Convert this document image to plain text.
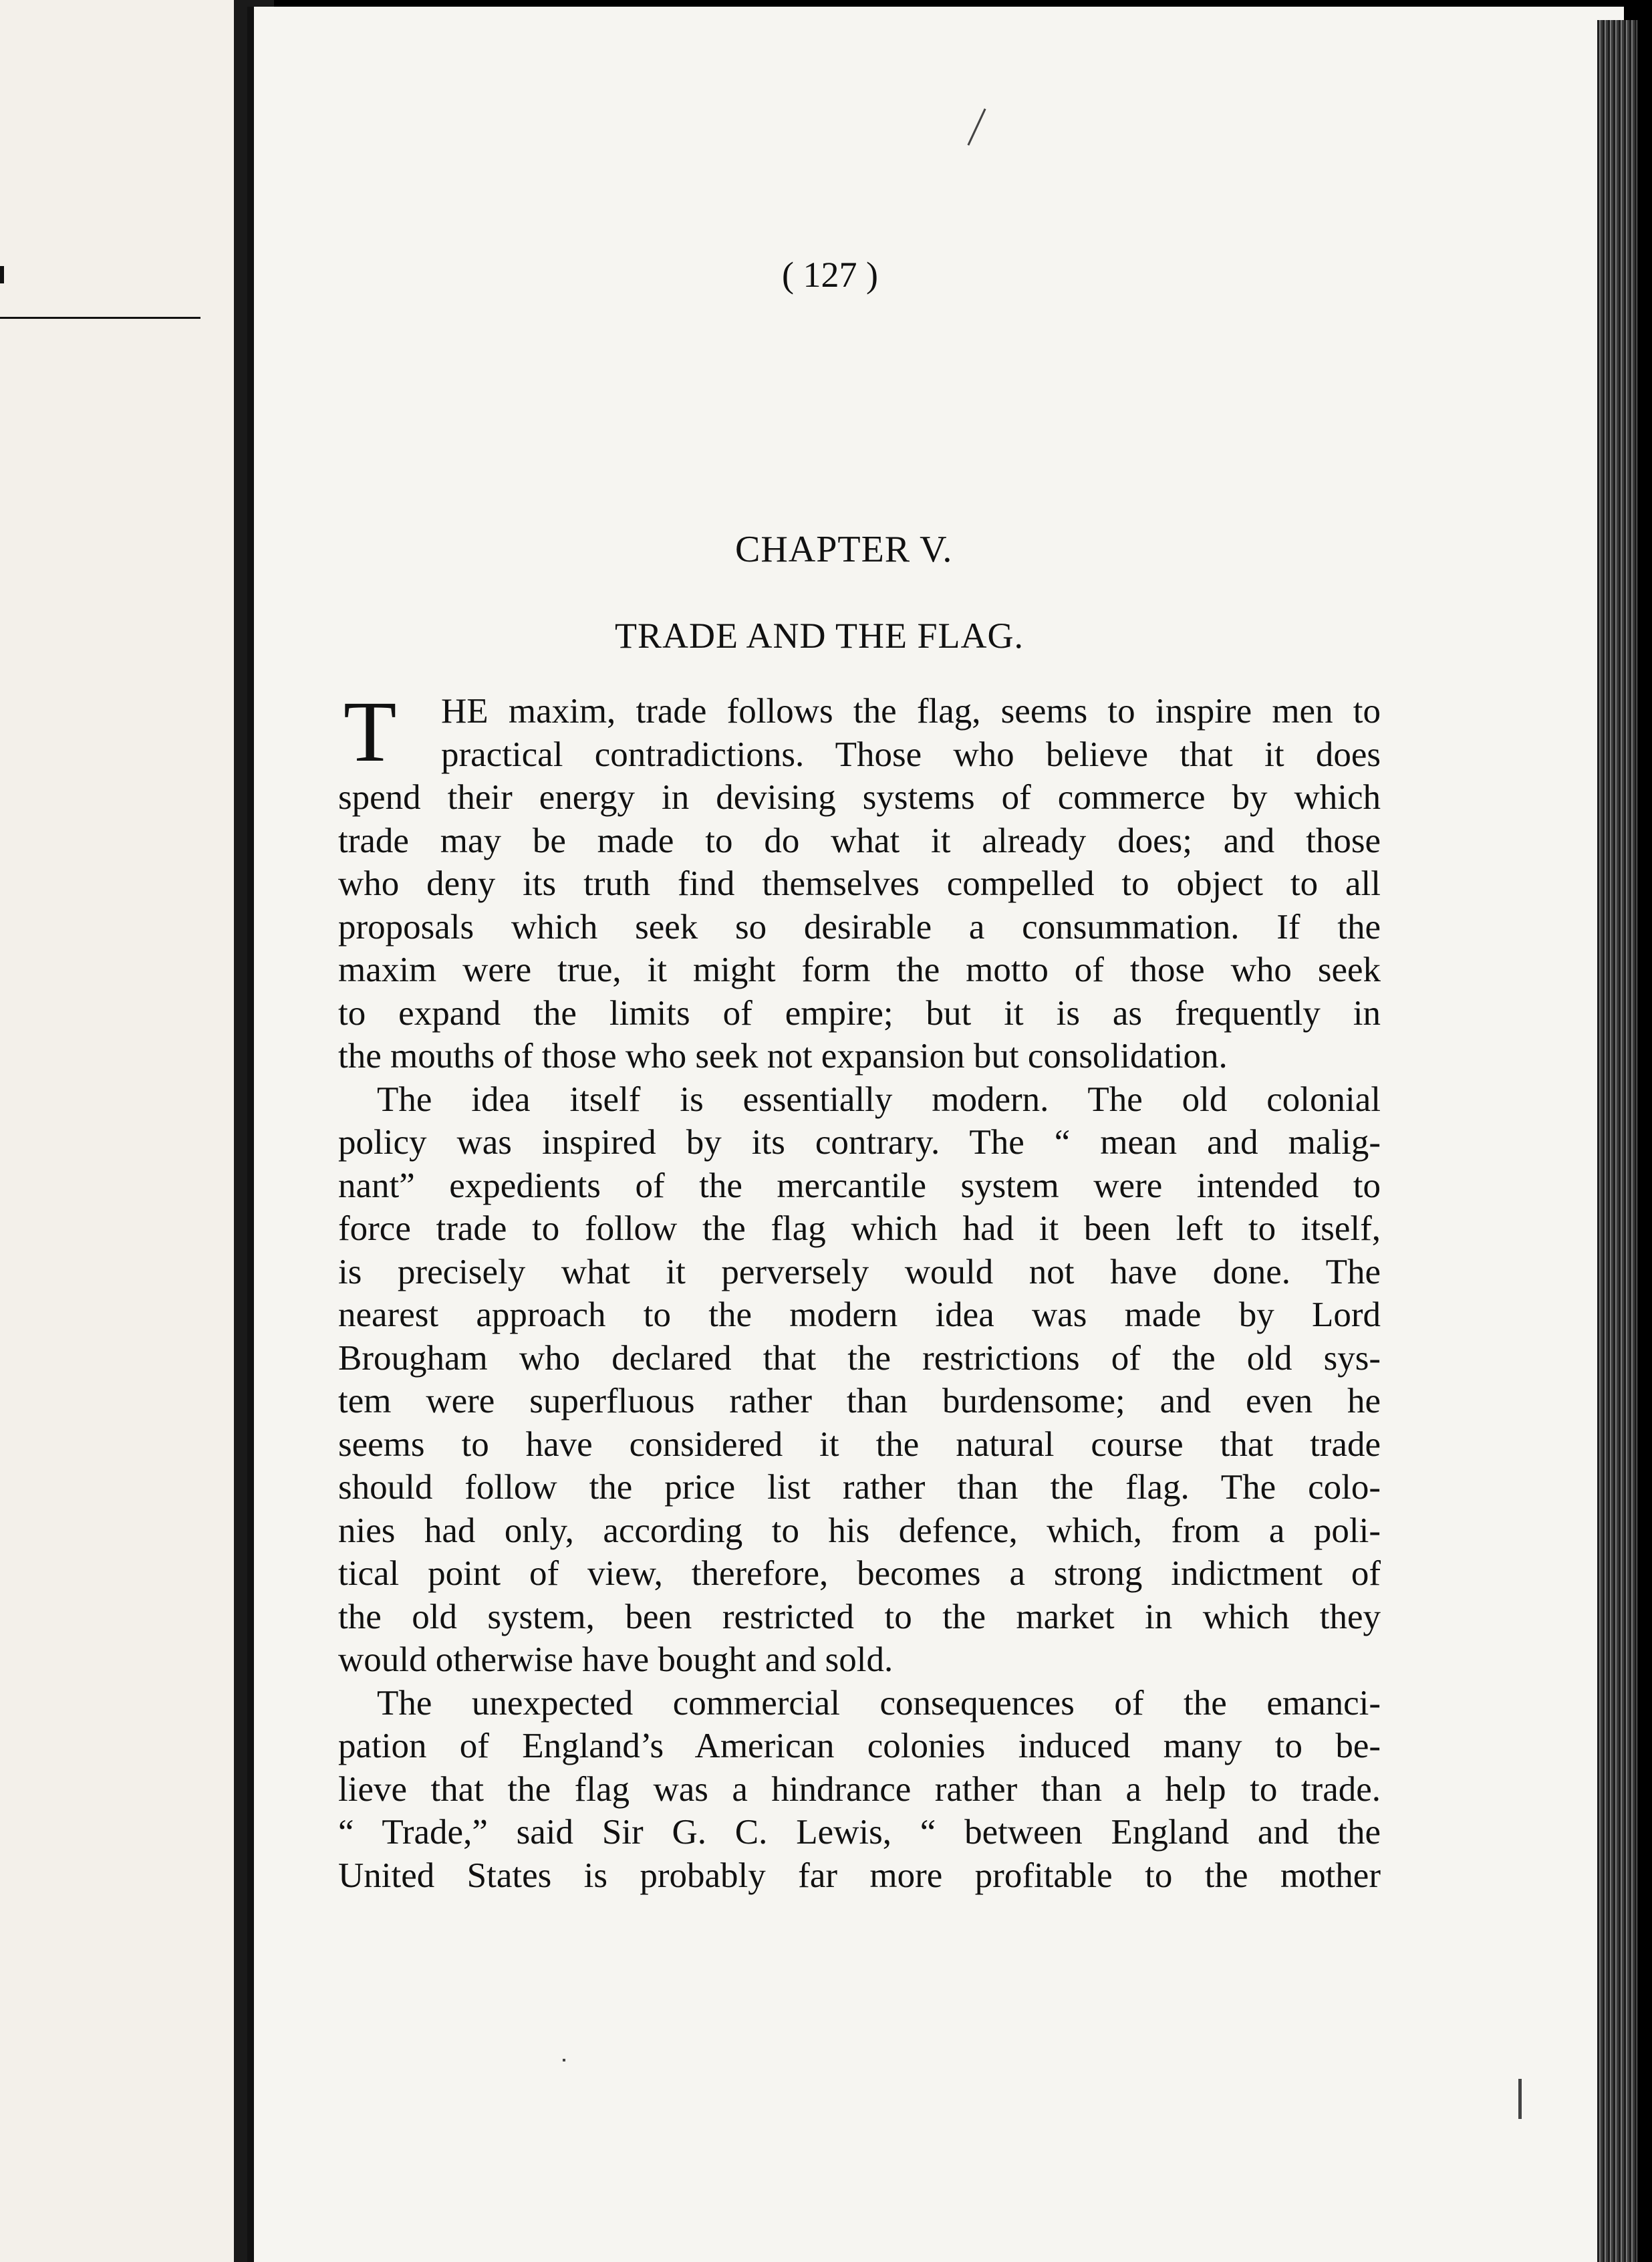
( 127 )
CHAPTER V.
TRADE AND THE FLAG.
T	HE maxim, trade follows the flag, seems to inspire men to
practical contradictions. Those who believe that it does
spend their energy in devising systems of commerce by which
trade may be made to do what it already does; and those
who deny its truth find themselves compelled to object to all
proposals which seek so desirable a consummation. If the
maxim were true, it might form the motto of those who seek
to expand the limits of empire; but it is as frequently in
the mouths of those who seek not expansion but consolidation.
The idea itself is essentially modern. The old colonial
policy was inspired by its contrary. The “ mean and malig-
nant” expedients of the mercantile system were intended to
force trade to follow the flag which had it been left to itself,
is precisely what it perversely would not have done. The
nearest approach to the modern idea was made by Lord
Brougham who declared that the restrictions of the old sys-
tem were superfluous rather than burdensome; and even he
seems to have considered it the natural course that trade
should follow the price list rather than the flag. The colo-
nies had only, according to his defence, which, from a poli-
tical point of view, therefore, becomes a strong indictment of
the old system, been restricted to the market in which they
would otherwise have bought and sold.
The unexpected commercial consequences of the emanci-
pation of England’s American colonies induced many to be-
lieve that the flag was a hindrance rather than a help to trade.
“ Trade,” said Sir G. C. Lewis, “ between England and the
United States is probably far more profitable to the mother
